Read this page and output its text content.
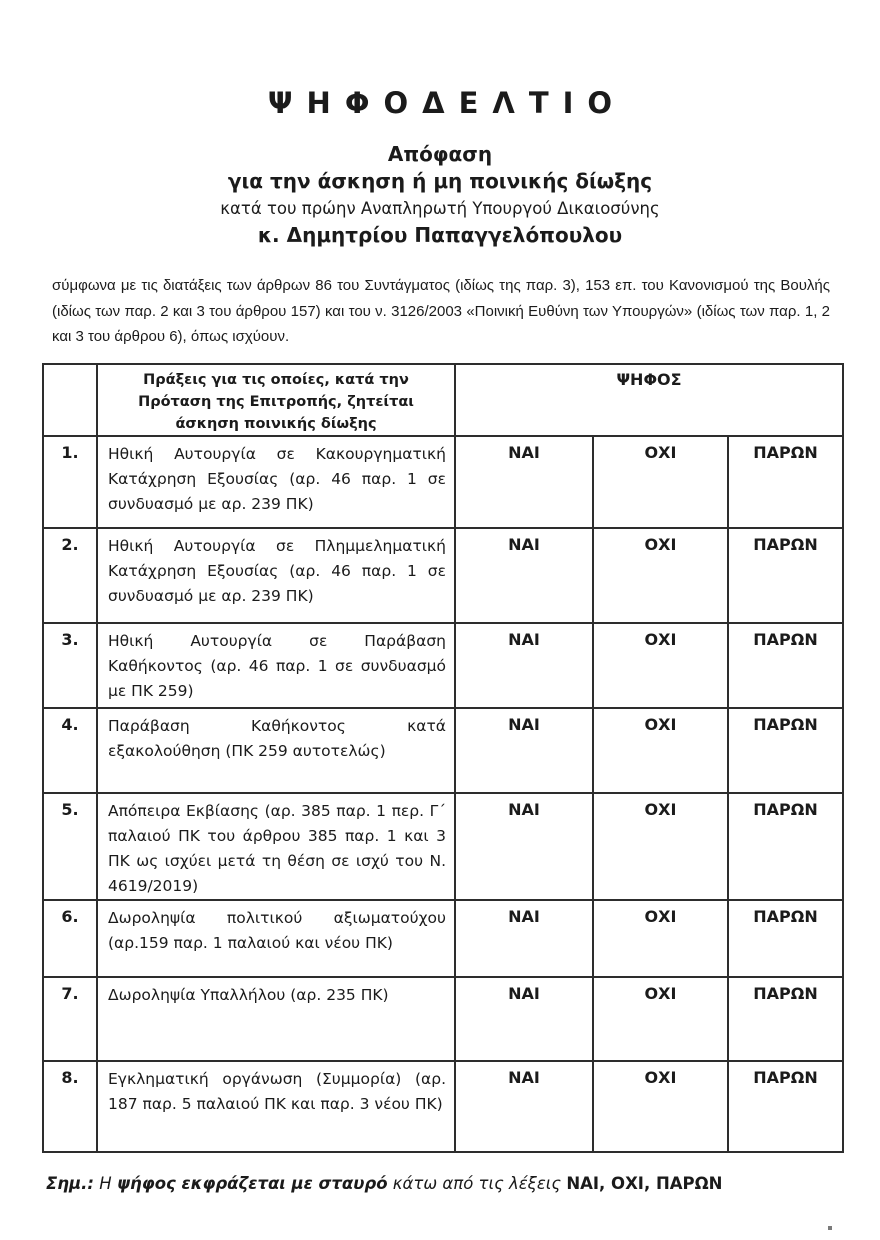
ΨΗΦΟΔΕΛΤΙΟ
Απόφαση
για την άσκηση ή μη ποινικής δίωξης
κατά του πρώην Αναπληρωτή Υπουργού Δικαιοσύνης
κ. Δημητρίου Παπαγγελόπουλου

σύμφωνα με τις διατάξεις των άρθρων 86 του Συντάγματος (ιδίως της παρ. 3), 153 επ. του Κανονισμού της Βουλής (ιδίως των παρ. 2 και 3 του άρθρου 157) και του ν. 3126/2003 «Ποινική Ευθύνη των Υπουργών» (ιδίως των παρ. 1, 2 και 3 του άρθρου 6), όπως ισχύουν.

	Πράξεις για τις οποίες, κατά την Πρόταση της Επιτροπής, ζητείται άσκηση ποινικής δίωξης	ΨΗΦΟΣ		
1.	Ηθική Αυτουργία σε Κακουργηματική Κατάχρηση Εξουσίας (αρ. 46 παρ. 1 σε συνδυασμό με αρ. 239 ΠΚ)	ΝΑΙ	ΟΧΙ	ΠΑΡΩΝ
2.	Ηθική Αυτουργία σε Πλημμεληματική Κατάχρηση Εξουσίας (αρ. 46 παρ. 1 σε συνδυασμό με αρ. 239 ΠΚ)	ΝΑΙ	ΟΧΙ	ΠΑΡΩΝ
3.	Ηθική Αυτουργία σε Παράβαση Καθήκοντος (αρ. 46 παρ. 1 σε συνδυασμό με ΠΚ 259)	ΝΑΙ	ΟΧΙ	ΠΑΡΩΝ
4.	Παράβαση Καθήκοντος κατά εξακολούθηση (ΠΚ 259 αυτοτελώς)	ΝΑΙ	ΟΧΙ	ΠΑΡΩΝ
5.	Απόπειρα Εκβίασης (αρ. 385 παρ. 1 περ. Γ΄ παλαιού ΠΚ του άρθρου 385 παρ. 1 και 3 ΠΚ ως ισχύει μετά τη θέση σε ισχύ του Ν. 4619/2019)	ΝΑΙ	ΟΧΙ	ΠΑΡΩΝ
6.	Δωροληψία πολιτικού αξιωματούχου (αρ.159 παρ. 1 παλαιού και νέου ΠΚ)	ΝΑΙ	ΟΧΙ	ΠΑΡΩΝ
7.	Δωροληψία Υπαλλήλου (αρ. 235 ΠΚ)	ΝΑΙ	ΟΧΙ	ΠΑΡΩΝ
8.	Εγκληματική οργάνωση (Συμμορία) (αρ. 187 παρ. 5 παλαιού ΠΚ και παρ. 3 νέου ΠΚ)	ΝΑΙ	ΟΧΙ	ΠΑΡΩΝ

Σημ.: Η ψήφος εκφράζεται με σταυρό κάτω από τις λέξεις ΝΑΙ, ΟΧΙ, ΠΑΡΩΝ
